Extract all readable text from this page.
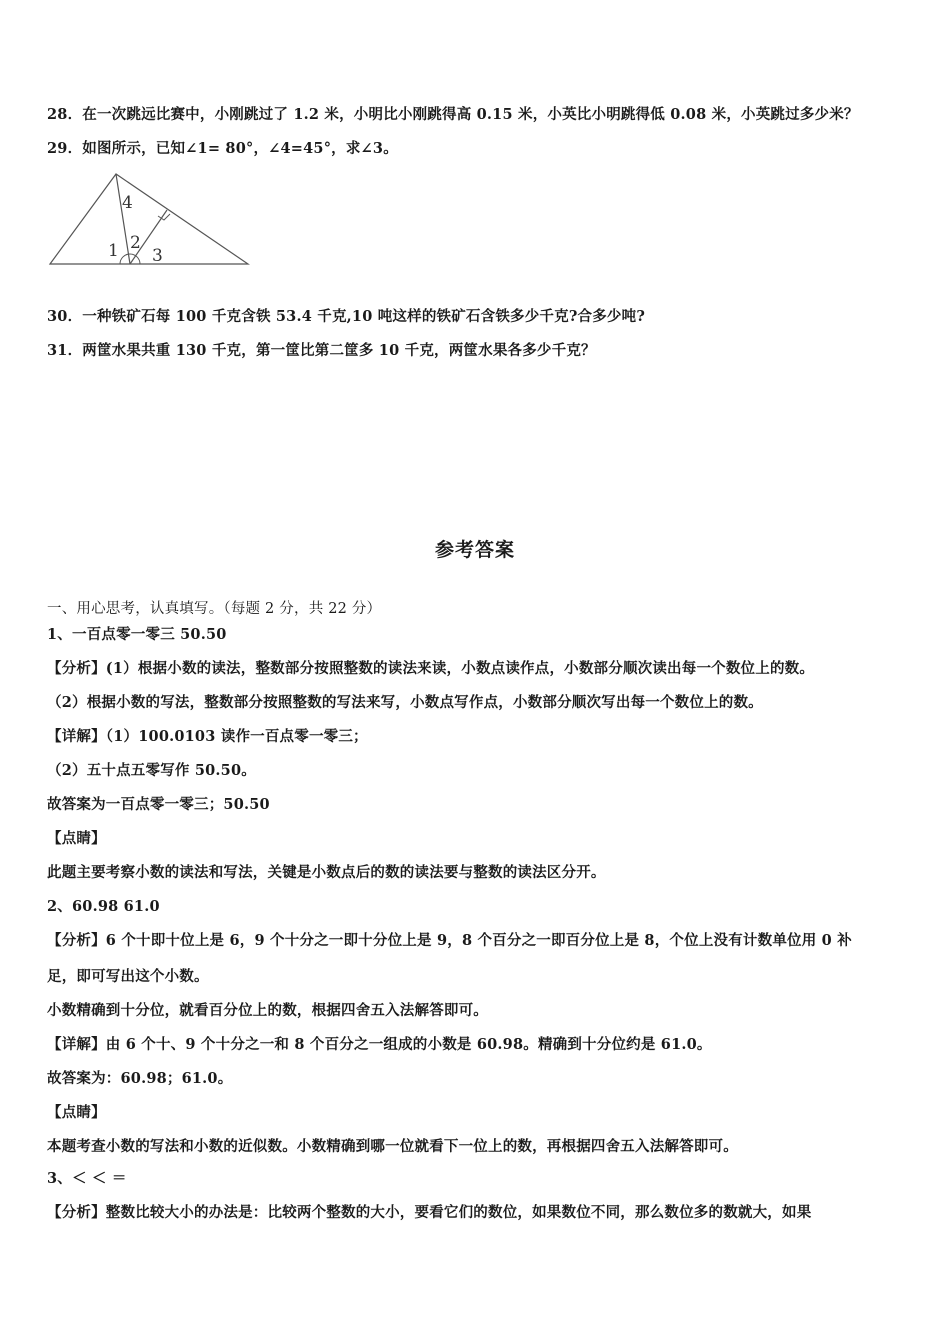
28．在一次跳远比赛中，小刚跳过了 1.2 米，小明比小刚跳得高 0.15 米，小英比小明跳得低 0.08 米，小英跳过多少米？
29．如图所示，已知∠1= 80°，∠4=45°，求∠3。
4
1 2
3
30．一种铁矿石每 100 千克含铁 53.4 千克,10 吨这样的铁矿石含铁多少千克?合多少吨?
31．两筐水果共重 130 千克，第一筐比第二筐多 10 千克，两筐水果各多少千克？
参考答案
一、用心思考，认真填写。（每题 2 分，共 22 分）
1、一百点零一零三 50.50
【分析】(1）根据小数的读法，整数部分按照整数的读法来读，小数点读作点，小数部分顺次读出每一个数位上的数。
（2）根据小数的写法，整数部分按照整数的写法来写，小数点写作点，小数部分顺次写出每一个数位上的数。
【详解】（1）100.0103 读作一百点零一零三；
（2）五十点五零写作 50.50。
故答案为一百点零一零三；50.50
【点睛】
此题主要考察小数的读法和写法，关键是小数点后的数的读法要与整数的读法区分开。
2、60.98 61.0
【分析】6 个十即十位上是 6，9 个十分之一即十分位上是 9，8 个百分之一即百分位上是 8，个位上没有计数单位用 0 补
足，即可写出这个小数。
小数精确到十分位，就看百分位上的数，根据四舍五入法解答即可。
【详解】由 6 个十、9 个十分之一和 8 个百分之一组成的小数是 60.98。精确到十分位约是 61.0。
故答案为：60.98；61.0。
【点睛】
本题考查小数的写法和小数的近似数。小数精确到哪一位就看下一位上的数，再根据四舍五入法解答即可。
3、＜ ＜ ＝
【分析】整数比较大小的办法是：比较两个整数的大小，要看它们的数位，如果数位不同，那么数位多的数就大，如果
